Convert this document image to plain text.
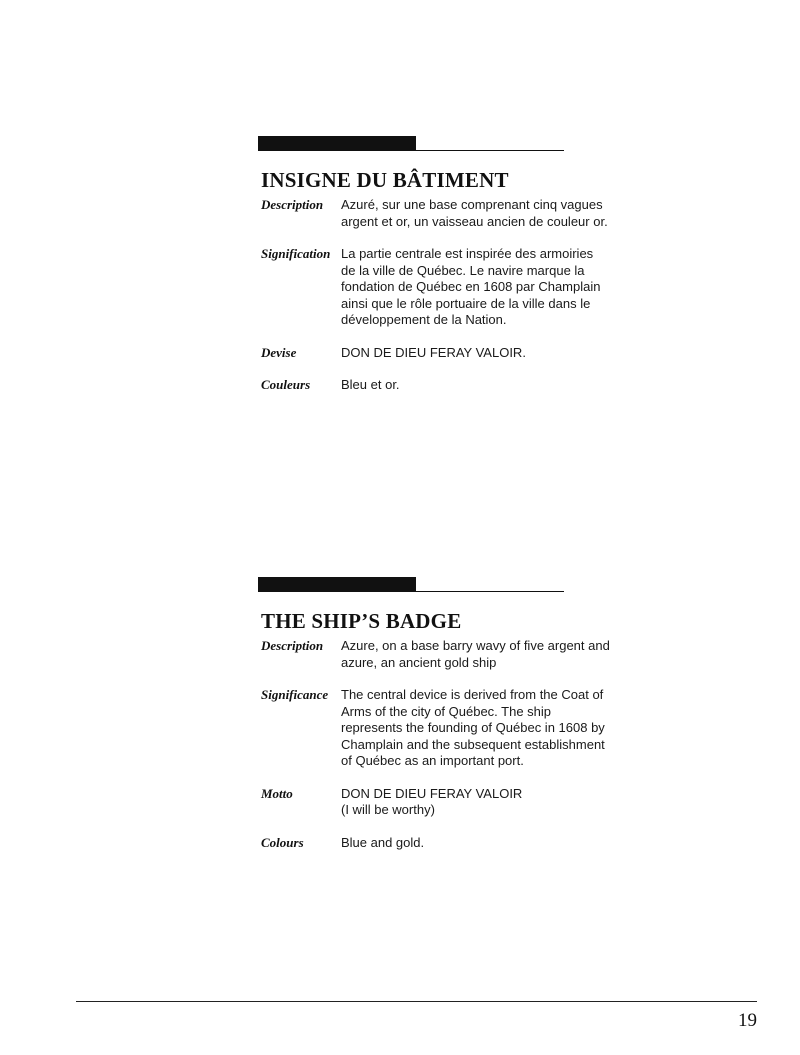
INSIGNE DU BÂTIMENT
Description Azuré, sur une base comprenant cinq vagues argent et or, un vaisseau ancien de couleur or.
Signification La partie centrale est inspirée des armoiries de la ville de Québec. Le navire marque la fondation de Québec en 1608 par Champlain ainsi que le rôle portuaire de la ville dans le développement de la Nation.
Devise	DON DE DIEU FERAY VALOIR.
Couleurs Bleu et or.
THE SHIP’S BADGE
Description Azure, on a base barry wavy of five argent and azure, an ancient gold ship
Significance The central device is derived from the Coat of Arms of the city of Québec. The ship represents the founding of Québec in 1608 by Champlain and the subsequent establishment of Québec as an important port.
Motto	DON DE DIEU FERAY VALOIR
(I will be worthy)
Colours	Blue and gold.
19
